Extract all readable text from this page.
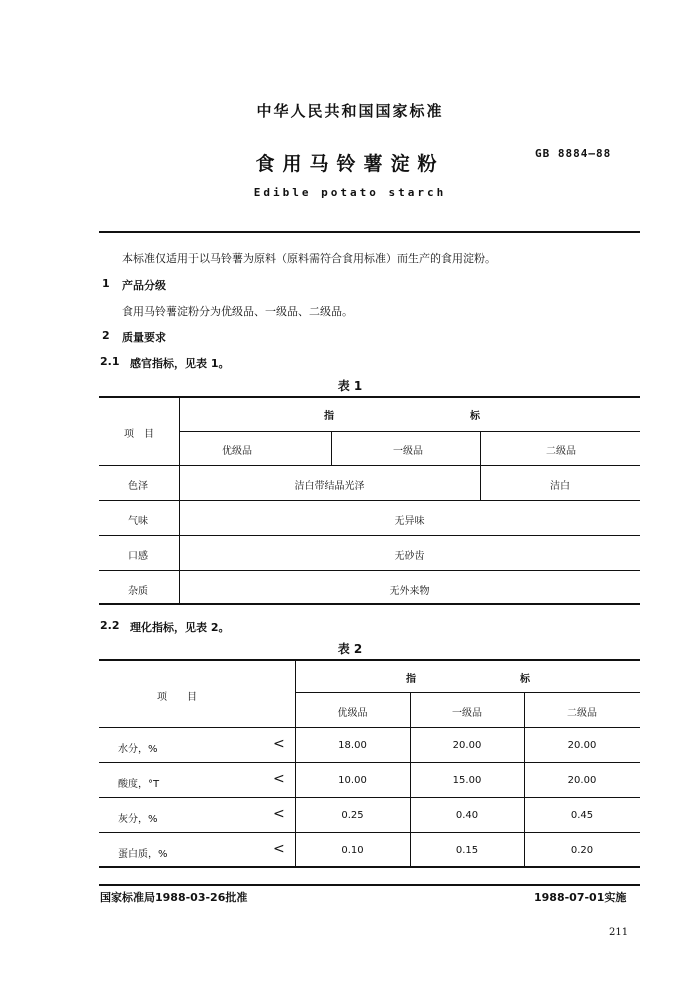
中华人民共和国国家标准
食用马铃薯淀粉	GB 8884—88
Edible potato starch
本标准仅适用于以马铃薯为原料（原料需符合食用标准）而生产的食用淀粉。
1 产品分级
食用马铃薯淀粉分为优级品、一级品、二级品。
2 质量要求
2.1 感官指标，见表 1。
表 1
项　目
指	标
优级品	一级品	二级品
色泽	洁白带结晶光泽	洁白
气味	无异味
口感	无砂齿
杂质	无外来物
2.2 理化指标，见表 2。
表 2
项　　目
指	标
优级品	一级品	二级品
水分，%	<	18.00	20.00	20.00
酸度，°T	<	10.00	15.00	20.00
灰分，%	<	0.25	0.40	0.45
蛋白质，%	<	0.10	0.15	0.20
国家标准局1988-03-26批准	1988-07-01实施
211
